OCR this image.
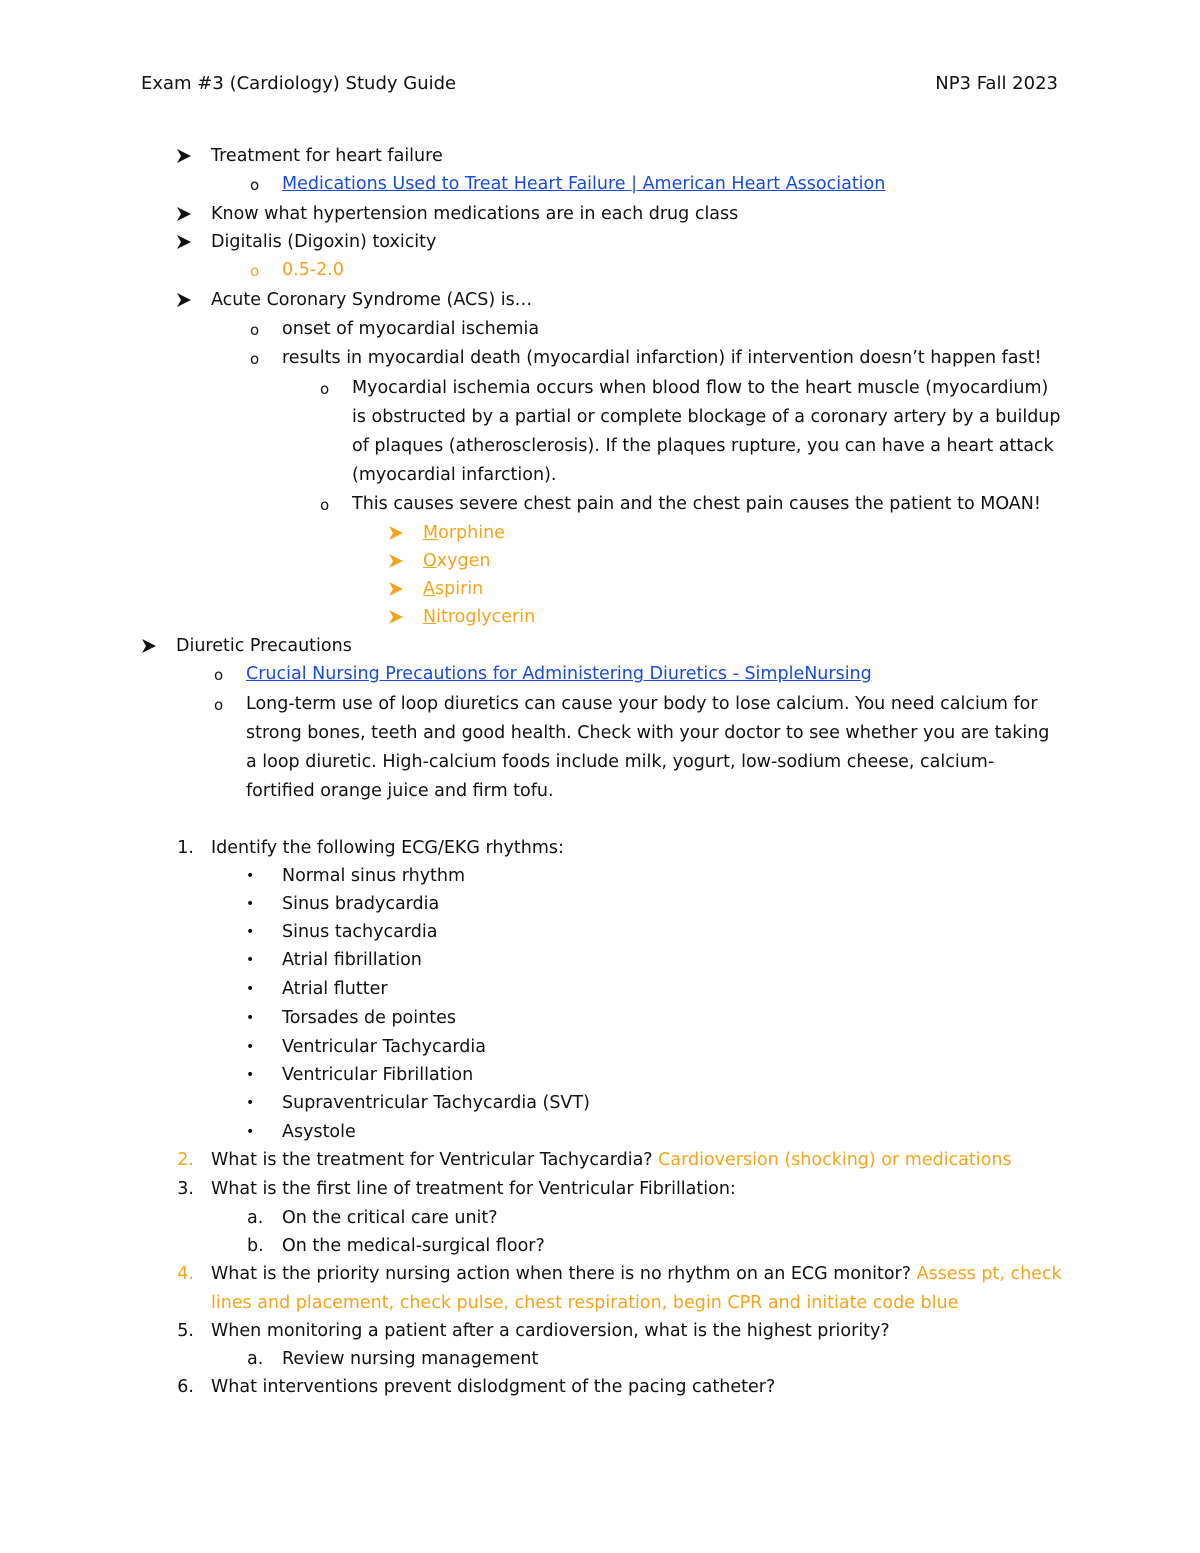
Exam #3 (Cardiology) Study Guide	NP3 Fall 2023
Treatment for heart failure
o Medications Used to Treat Heart Failure | American Heart Association
Know what hypertension medications are in each drug class
Digitalis (Digoxin) toxicity
o 0.5-2.0
Acute Coronary Syndrome (ACS) is…
o onset of myocardial ischemia
o results in myocardial death (myocardial infarction) if intervention doesn’t happen fast!
o Myocardial ischemia occurs when blood flow to the heart muscle (myocardium)
is obstructed by a partial or complete blockage of a coronary artery by a buildup
of plaques (atherosclerosis). If the plaques rupture, you can have a heart attack
(myocardial infarction).
o This causes severe chest pain and the chest pain causes the patient to MOAN!
Morphine
Oxygen
Aspirin
Nitroglycerin
Diuretic Precautions
o Crucial Nursing Precautions for Administering Diuretics - SimpleNursing
o Long-term use of loop diuretics can cause your body to lose calcium. You need calcium for
strong bones, teeth and good health. Check with your doctor to see whether you are taking
a loop diuretic. High-calcium foods include milk, yogurt, low-sodium cheese, calcium-
fortified orange juice and firm tofu.
1. Identify the following ECG/EKG rhythms:
• Normal sinus rhythm
• Sinus bradycardia
• Sinus tachycardia
• Atrial fibrillation
• Atrial flutter
• Torsades de pointes
• Ventricular Tachycardia
• Ventricular Fibrillation
• Supraventricular Tachycardia (SVT)
• Asystole
2. What is the treatment for Ventricular Tachycardia? Cardioversion (shocking) or medications
3. What is the first line of treatment for Ventricular Fibrillation:
a. On the critical care unit?
b. On the medical-surgical floor?
4. What is the priority nursing action when there is no rhythm on an ECG monitor? Assess pt, check
lines and placement, check pulse, chest respiration, begin CPR and initiate code blue
5. When monitoring a patient after a cardioversion, what is the highest priority?
a. Review nursing management
6. What interventions prevent dislodgment of the pacing catheter?
